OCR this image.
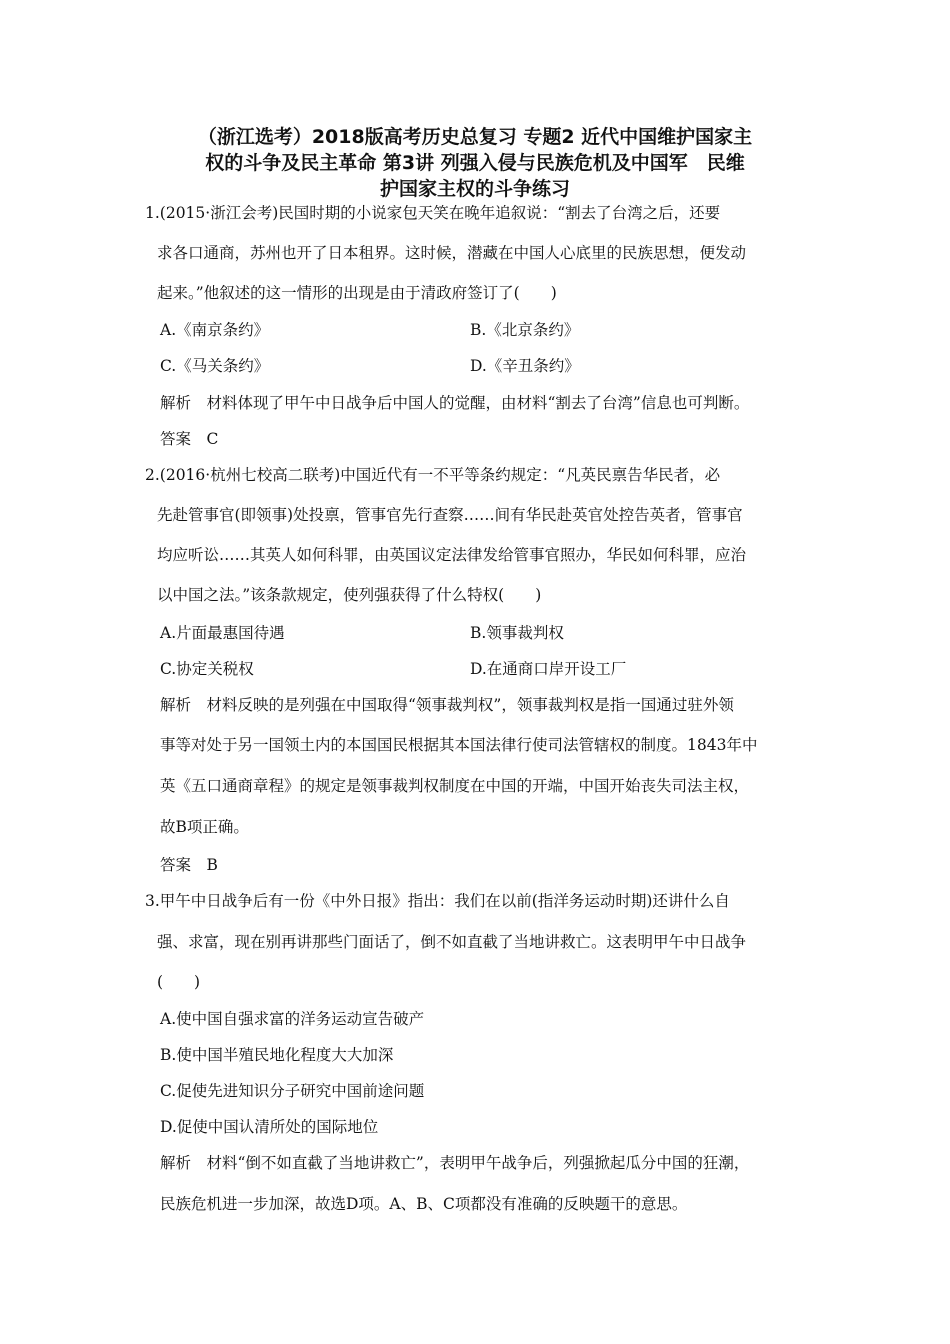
（浙江选考）2018版高考历史总复习 专题2 近代中国维护国家主
权的斗争及民主革命 第3讲 列强入侵与民族危机及中国军　民维
护国家主权的斗争练习
1.(2015·浙江会考)民国时期的小说家包天笑在晚年追叙说：“割去了台湾之后，还要
求各口通商，苏州也开了日本租界。这时候，潜藏在中国人心底里的民族思想，便发动
起来。”他叙述的这一情形的出现是由于清政府签订了(　　)
A.《南京条约》	B.《北京条约》
C.《马关条约》	D.《辛丑条约》
解析　材料体现了甲午中日战争后中国人的觉醒，由材料“割去了台湾”信息也可判断。
答案　C
2.(2016·杭州七校高二联考)中国近代有一不平等条约规定：“凡英民禀告华民者，必
先赴管事官(即领事)处投禀，管事官先行查察……间有华民赴英官处控告英者，管事官
均应听讼……其英人如何科罪，由英国议定法律发给管事官照办，华民如何科罪，应治
以中国之法。”该条款规定，使列强获得了什么特权(　　)
A.片面最惠国待遇	B.领事裁判权
C.协定关税权	D.在通商口岸开设工厂
解析　材料反映的是列强在中国取得“领事裁判权”，领事裁判权是指一国通过驻外领
事等对处于另一国领土内的本国国民根据其本国法律行使司法管辖权的制度。1843年中
英《五口通商章程》的规定是领事裁判权制度在中国的开端，中国开始丧失司法主权，
故B项正确。
答案　B
3.甲午中日战争后有一份《中外日报》指出：我们在以前(指洋务运动时期)还讲什么自
强、求富，现在别再讲那些门面话了，倒不如直截了当地讲救亡。这表明甲午中日战争
(　　)
A.使中国自强求富的洋务运动宣告破产
B.使中国半殖民地化程度大大加深
C.促使先进知识分子研究中国前途问题
D.促使中国认清所处的国际地位
解析　材料“倒不如直截了当地讲救亡”，表明甲午战争后，列强掀起瓜分中国的狂潮，
民族危机进一步加深，故选D项。A、B、C项都没有准确的反映题干的意思。
